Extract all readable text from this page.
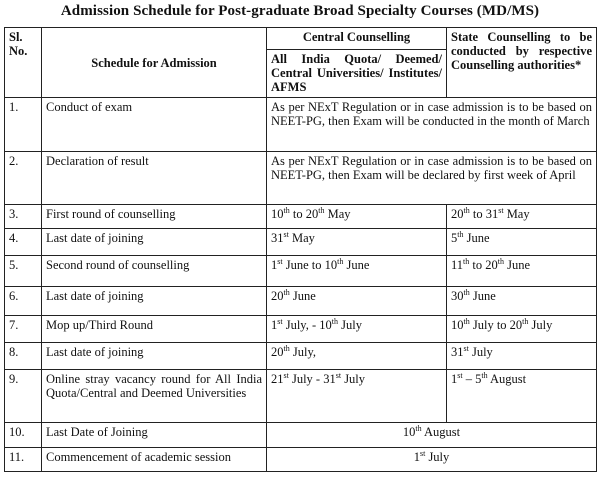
Admission Schedule for Post-graduate Broad Specialty Courses (MD/MS)
Sl. No.	Schedule for Admission	Central Counselling	State Counselling to be conducted by respective Counselling authorities*
		All India Quota/ Deemed/ Central Universities/ Institutes/ AFMS	
1.	Conduct of exam	As per NExT Regulation or in case admission is to be based on NEET-PG, then Exam will be conducted in the month of March	
2.	Declaration of result	As per NExT Regulation or in case admission is to be based on NEET-PG, then Exam will be declared by first week of April	
3.	First round of counselling	10th to 20th May	20th to 31st May
4.	Last date of joining	31st May	5th June
5.	Second round of counselling	1st June to 10th June	11th to 20th June
6.	Last date of joining	20th June	30th June
7.	Mop up/Third Round	1st July, - 10th July	10th July to 20th July
8.	Last date of joining	20th July,	31st July
9.	Online stray vacancy round for All India Quota/Central and Deemed Universities	21st July - 31st July	1st – 5th August
10.	Last Date of Joining	10th August	
11.	Commencement of academic session	1st July	
